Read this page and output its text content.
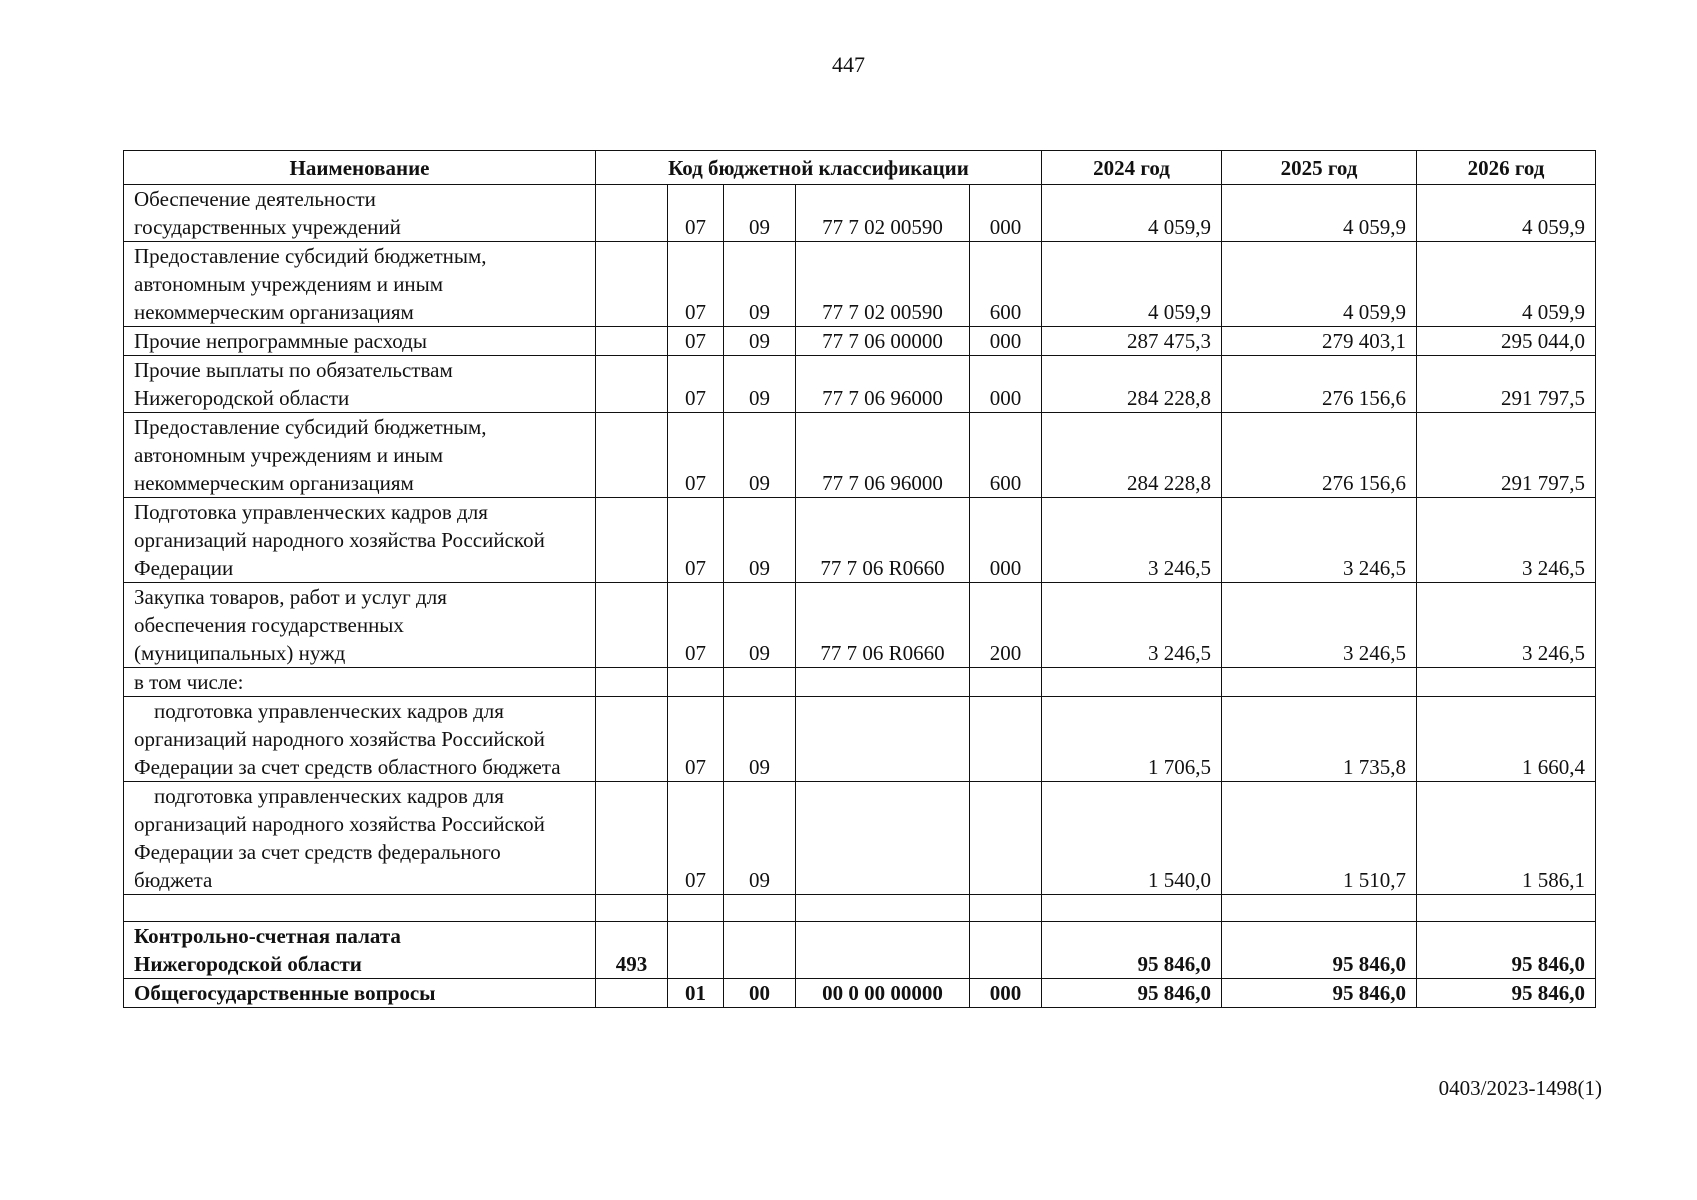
447
Наименование	Код бюджетной классификации					2024 год	2025 год	2026 год

Обеспечение деятельности государственных учреждений		07	09	77 7 02 00590	000	4 059,9	4 059,9	4 059,9

Предоставление субсидий бюджетным, автономным учреждениям и иным некоммерческим организациям		07	09	77 7 02 00590	600	4 059,9	4 059,9	4 059,9

Прочие непрограммные расходы		07	09	77 7 06 00000	000	287 475,3	279 403,1	295 044,0

Прочие выплаты по обязательствам Нижегородской области		07	09	77 7 06 96000	000	284 228,8	276 156,6	291 797,5

Предоставление субсидий бюджетным, автономным учреждениям и иным некоммерческим организациям		07	09	77 7 06 96000	600	284 228,8	276 156,6	291 797,5

Подготовка управленческих кадров для организаций народного хозяйства Российской Федерации		07	09	77 7 06 R0660	000	3 246,5	3 246,5	3 246,5

Закупка товаров, работ и услуг для обеспечения государственных (муниципальных) нужд		07	09	77 7 06 R0660	200	3 246,5	3 246,5	3 246,5

в том числе:								

подготовка управленческих кадров для организаций народного хозяйства Российской Федерации за счет средств областного бюджета		07	09			1 706,5	1 735,8	1 660,4

подготовка управленческих кадров для организаций народного хозяйства Российской Федерации за счет средств федерального бюджета		07	09			1 540,0	1 510,7	1 586,1

Контрольно-счетная палата Нижегородской области	493					95 846,0	95 846,0	95 846,0

Общегосударственные вопросы		01	00	00 0 00 00000	000	95 846,0	95 846,0	95 846,0
0403/2023-1498(1)
